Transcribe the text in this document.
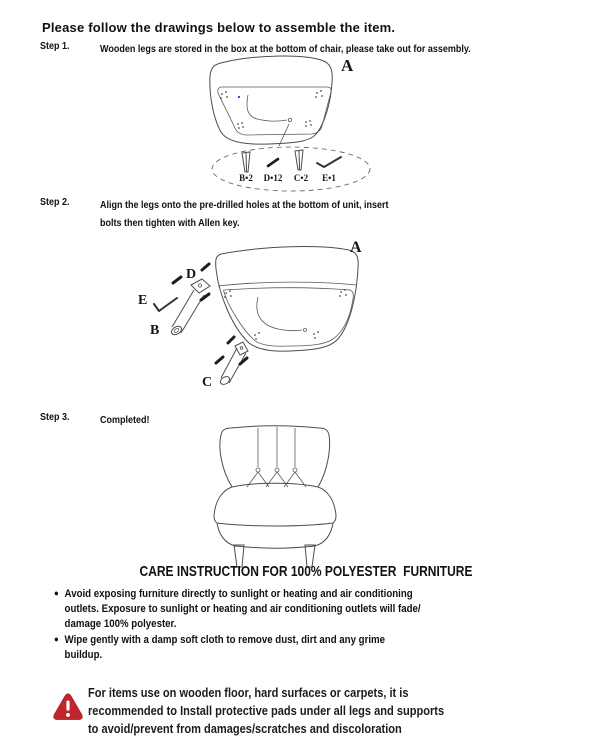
Please follow the drawings below to assemble the item.
Step 1.	Wooden legs are stored in the box at the bottom of chair, please take out for assembly.
B•2 D•12 C•2 E•1
A
Step 2.	Align the legs onto the pre-drilled holes at the bottom of unit, insert
bolts then tighten with Allen key.
A
D
E
B
C
Step 3.	Completed!
CARE INSTRUCTION FOR 100% POLYESTER  FURNITURE
● Avoid exposing furniture directly to sunlight or heating and air conditioning
outlets. Exposure to sunlight or heating and air conditioning outlets will fade/
damage 100% polyester.
● Wipe gently with a damp soft cloth to remove dust, dirt and any grime
buildup.
For items use on wooden floor, hard surfaces or carpets, it is
recommended to Install protective pads under all legs and supports
to avoid/prevent from damages/scratches and discoloration
